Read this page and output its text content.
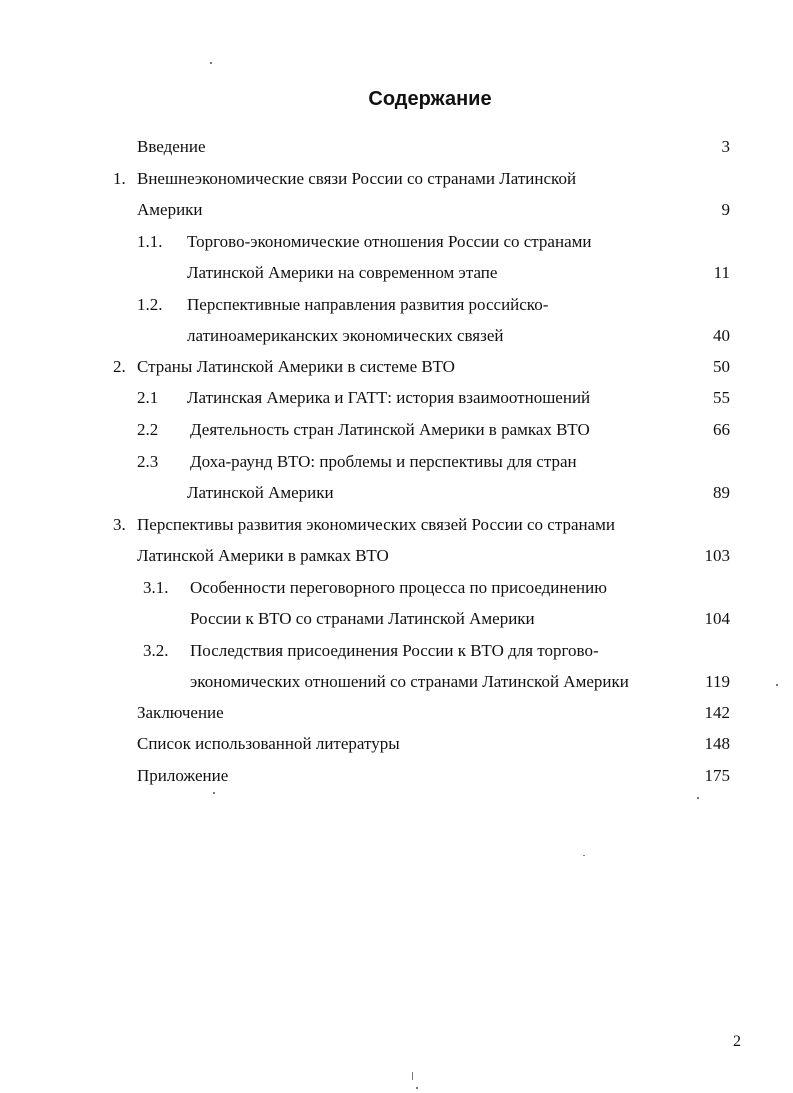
Содержание
Введение	3
1. Внешнеэкономические связи России со странами Латинской
Америки	9
1.1. Торгово-экономические отношения России со странами
Латинской Америки на современном этапе	11
1.2. Перспективные направления развития российско-
латиноамериканских экономических связей	40
2. Страны Латинской Америки в системе ВТО	50
2.1 Латинская Америка и ГАТТ: история взаимоотношений	55
2.2 Деятельность стран Латинской Америки в рамках ВТО	66
2.3 Доха-раунд ВТО: проблемы и перспективы для стран
Латинской Америки	89
3. Перспективы развития экономических связей России со странами
Латинской Америки в рамках ВТО	103
3.1. Особенности переговорного процесса по присоединению
России к ВТО со странами Латинской Америки	104
3.2. Последствия присоединения России к ВТО для торгово-
экономических отношений со странами Латинской Америки	119
Заключение	142
Список использованной литературы	148
Приложение	175
2
